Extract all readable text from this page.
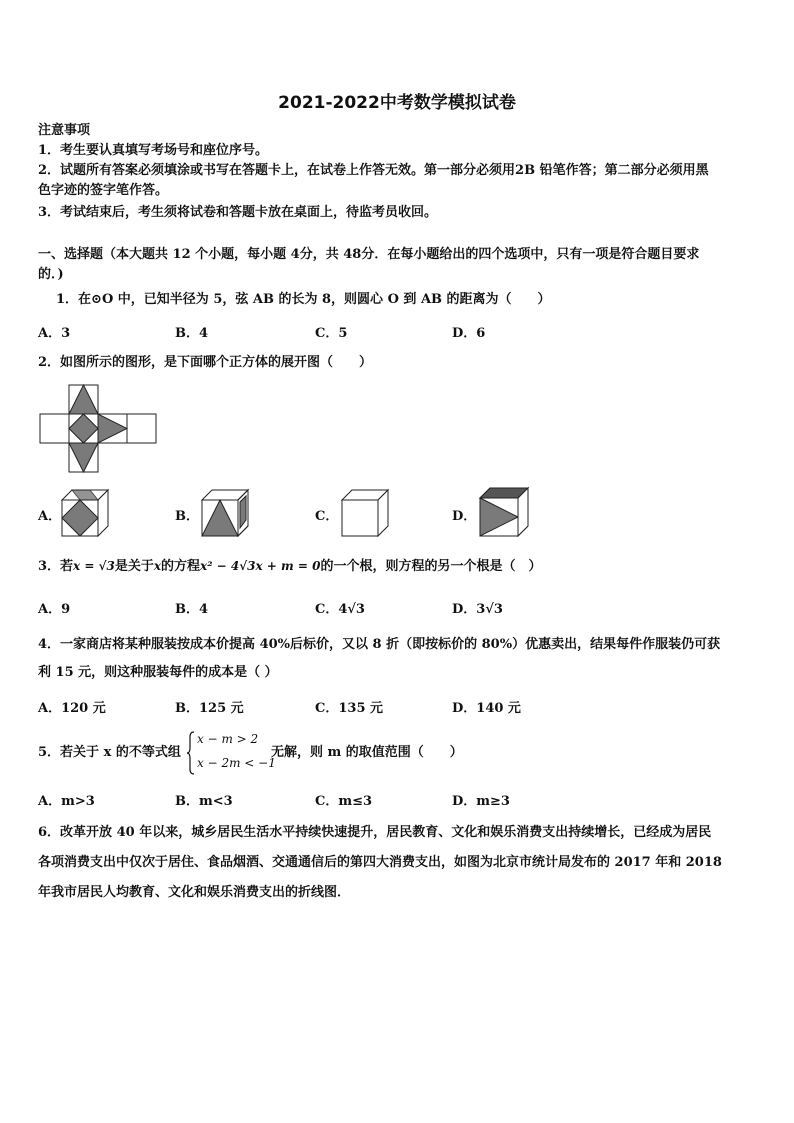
2021-2022中考数学模拟试卷
注意事项
1．考生要认真填写考场号和座位序号。
2．试题所有答案必须填涂或书写在答题卡上，在试卷上作答无效。第一部分必须用2B 铅笔作答；第二部分必须用黑
色字迹的签字笔作答。
3．考试结束后，考生须将试卷和答题卡放在桌面上，待监考员收回。
一、选择题（本大题共 12 个小题，每小题 4分，共 48分．在每小题给出的四个选项中，只有一项是符合题目要求
的．)
1．在⊙O 中，已知半径为 5，弦 AB 的长为 8，则圆心 O 到 AB 的距离为（　　）
A．3	B．4	C．5	D．6
2．如图所示的图形，是下面哪个正方体的展开图（　　）
A．	B．	C．	D．
3．若x = √3是关于x的方程x² − 4√3x + m = 0的一个根，则方程的另一个根是（　）
A．9	B．4	C．4√3	D．3√3
4．一家商店将某种服装按成本价提高 40%后标价，又以 8 折（即按标价的 80%）优惠卖出，结果每件作服装仍可获
利 15 元，则这种服装每件的成本是（ ）
A．120 元	B．125 元	C．135 元	D．140 元
5．若关于 x 的不等式组
x − m > 2
x − 2m < −1
无解，则 m 的取值范围（　　）
A．m>3	B．m<3	C．m≤3	D．m≥3
6．改革开放 40 年以来，城乡居民生活水平持续快速提升，居民教育、文化和娱乐消费支出持续增长，已经成为居民
各项消费支出中仅次于居住、食品烟酒、交通通信后的第四大消费支出，如图为北京市统计局发布的 2017 年和 2018
年我市居民人均教育、文化和娱乐消费支出的折线图．
